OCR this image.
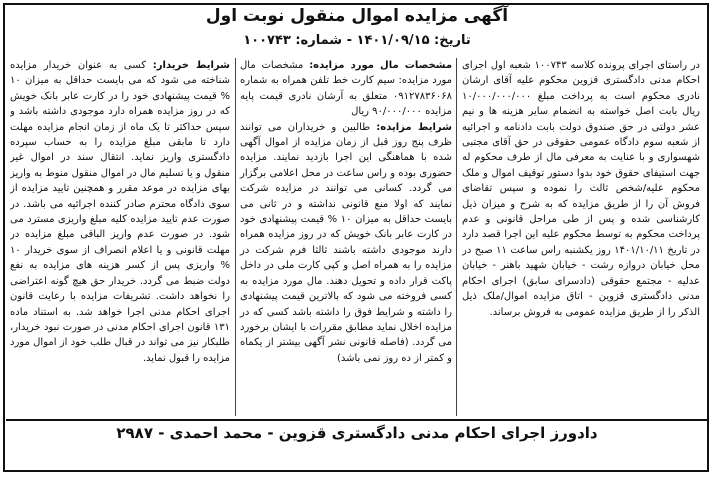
آگهی مزایده اموال منقول نوبت اول
تاریخ: ۱۴۰۱/۰۹/۱۵ - شماره: ۱۰۰۷۴۳

در راستای اجرای پرونده کلاسه ۱۰۰۷۴۳ شعبه اول اجرای احکام مدنی دادگستری قزوین محکوم علیه آقای ارشان نادری محکوم است به پرداخت مبلغ ۱۰/۰۰۰/۰۰۰/۰۰۰ ریال بابت اصل خواسته به انضمام سایر هزینه ها و نیم عشر دولتی در حق صندوق دولت بابت دادنامه و اجرائیه از شعبه سوم دادگاه عمومی حقوقی در حق آقای مجتبی شهسواری و با عنایت به معرفی مال از طرف محکوم له جهت استیفای حقوق خود بدوا دستور توقیف اموال و ملک محکوم علیه/شخص ثالث را نموده و سپس تقاضای فروش آن را از طریق مزایده که به شرح و میزان ذیل کارشناسی شده و پس از طی مراحل قانونی و عدم پرداخت محکوم به توسط محکوم علیه این اجرا قصد دارد در تاریخ ۱۴۰۱/۱۰/۱۱ روز یکشنبه راس ساعت ۱۱ صبح در محل خیابان دروازه رشت - خیابان شهید باهنر - خیابان عدلیه - مجتمع حقوقی (دادسرای سابق) اجرای احکام مدنی دادگستری قزوین - اتاق مزایده اموال/ملک ذیل الذکر را از طریق مزایده عمومی به فروش برساند.

مشخصات مال مورد مزایده: مشخصات مال مورد مزایده: سیم کارت خط تلفن همراه به شماره ۰۹۱۲۷۸۳۶۰۶۸ متعلق به آرشان نادری قیمت پایه مزایده ۹۰/۰۰۰/۰۰۰ ریال

شرایط مزایده: طالبین و خریداران می توانند ظرف پنج روز قبل از زمان مزایده از اموال آگهی شده با هماهنگی این اجرا بازدید نمایند. مزایده حضوری بوده و راس ساعت در محل اعلامی برگزار می گردد. کسانی می توانند در مزایده شرکت نمایند که اولا منع قانونی نداشته و در ثانی می بایست حداقل به میزان ۱۰ % قیمت پیشنهادی خود در کارت عابر بانک خویش که در روز مزایده همراه دارند موجودی داشته باشند ثالثا فرم شرکت در مزایده را به همراه اصل و کپی کارت ملی در داخل پاکت قرار داده و تحویل دهند. مال مورد مزایده به کسی فروخته می شود که بالاترین قیمت پیشنهادی را داشته و شرایط فوق را داشته باشد کسی که در مزایده اخلال نماید مطابق مقررات با ایشان برخورد می گردد. (فاصله قانونی نشر آگهی بیشتر از یکماه و کمتر از ده روز نمی باشد)

شرایط خریدار: کسی به عنوان خریدار مزایده شناخته می شود که می بایست حداقل به میزان ۱۰ % قیمت پیشنهادی خود را در کارت عابر بانک خویش که در روز مزایده همراه دارد موجودی داشته باشد و سپس حداکثر تا یک ماه از زمان انجام مزایده مهلت دارد تا مابقی مبلغ مزایده را به حساب سپرده دادگستری واریز نماید. انتقال سند در اموال غیر منقول و یا تسلیم مال در اموال منقول منوط به واریز بهای مزایده در موعد مقرر و همچنین تایید مزایده از سوی دادگاه محترم صادر کننده اجرائیه می باشد. در صورت عدم تایید مزایده کلیه مبلغ واریزی مسترد می شود. در صورت عدم واریز الباقی مبلغ مزایده در مهلت قانونی و یا اعلام انصراف از سوی خریدار ۱۰ % واریزی پس از کسر هزینه های مزایده به نفع دولت ضبط می گردد. خریدار حق هیچ گونه اعتراضی را نخواهد داشت. تشریفات مزایده با رعایت قانون اجرای احکام مدنی اجرا خواهد شد. به استناد ماده ۱۳۱ قانون اجرای احکام مدنی در صورت نبود خریدار، طلبکار نیز می تواند در قبال طلب خود از اموال مورد مزایده را قبول نماید.

دادورز اجرای احکام مدنی دادگستری قزوین - محمد احمدی - ۲۹۸۷
